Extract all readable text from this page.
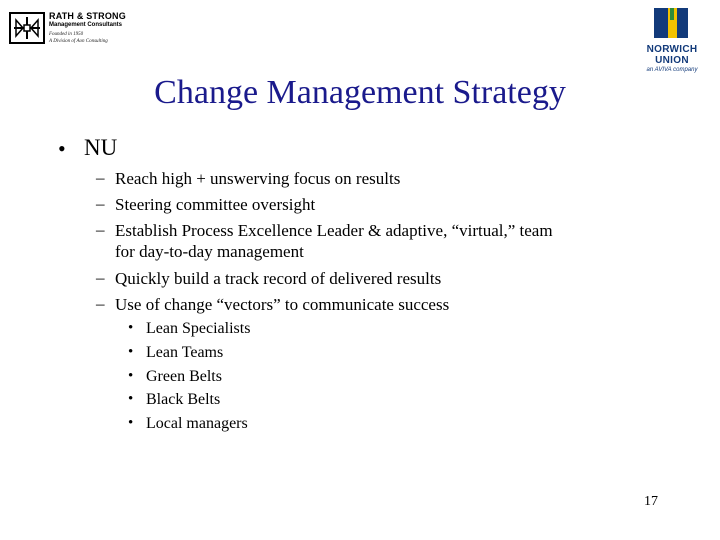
RATH & STRONG
Management Consultants
Founded in 1950
A Division of Aon Consulting
NORWICH
UNION
an AVIVA company
Change Management Strategy
• NU
– Reach high + unswerving focus on results
– Steering committee oversight
– Establish Process Excellence Leader & adaptive, “virtual,” team
for day-to-day management
– Quickly build a track record of delivered results
– Use of change “vectors” to communicate success
• Lean Specialists
• Lean Teams
• Green Belts
• Black Belts
• Local managers
17
